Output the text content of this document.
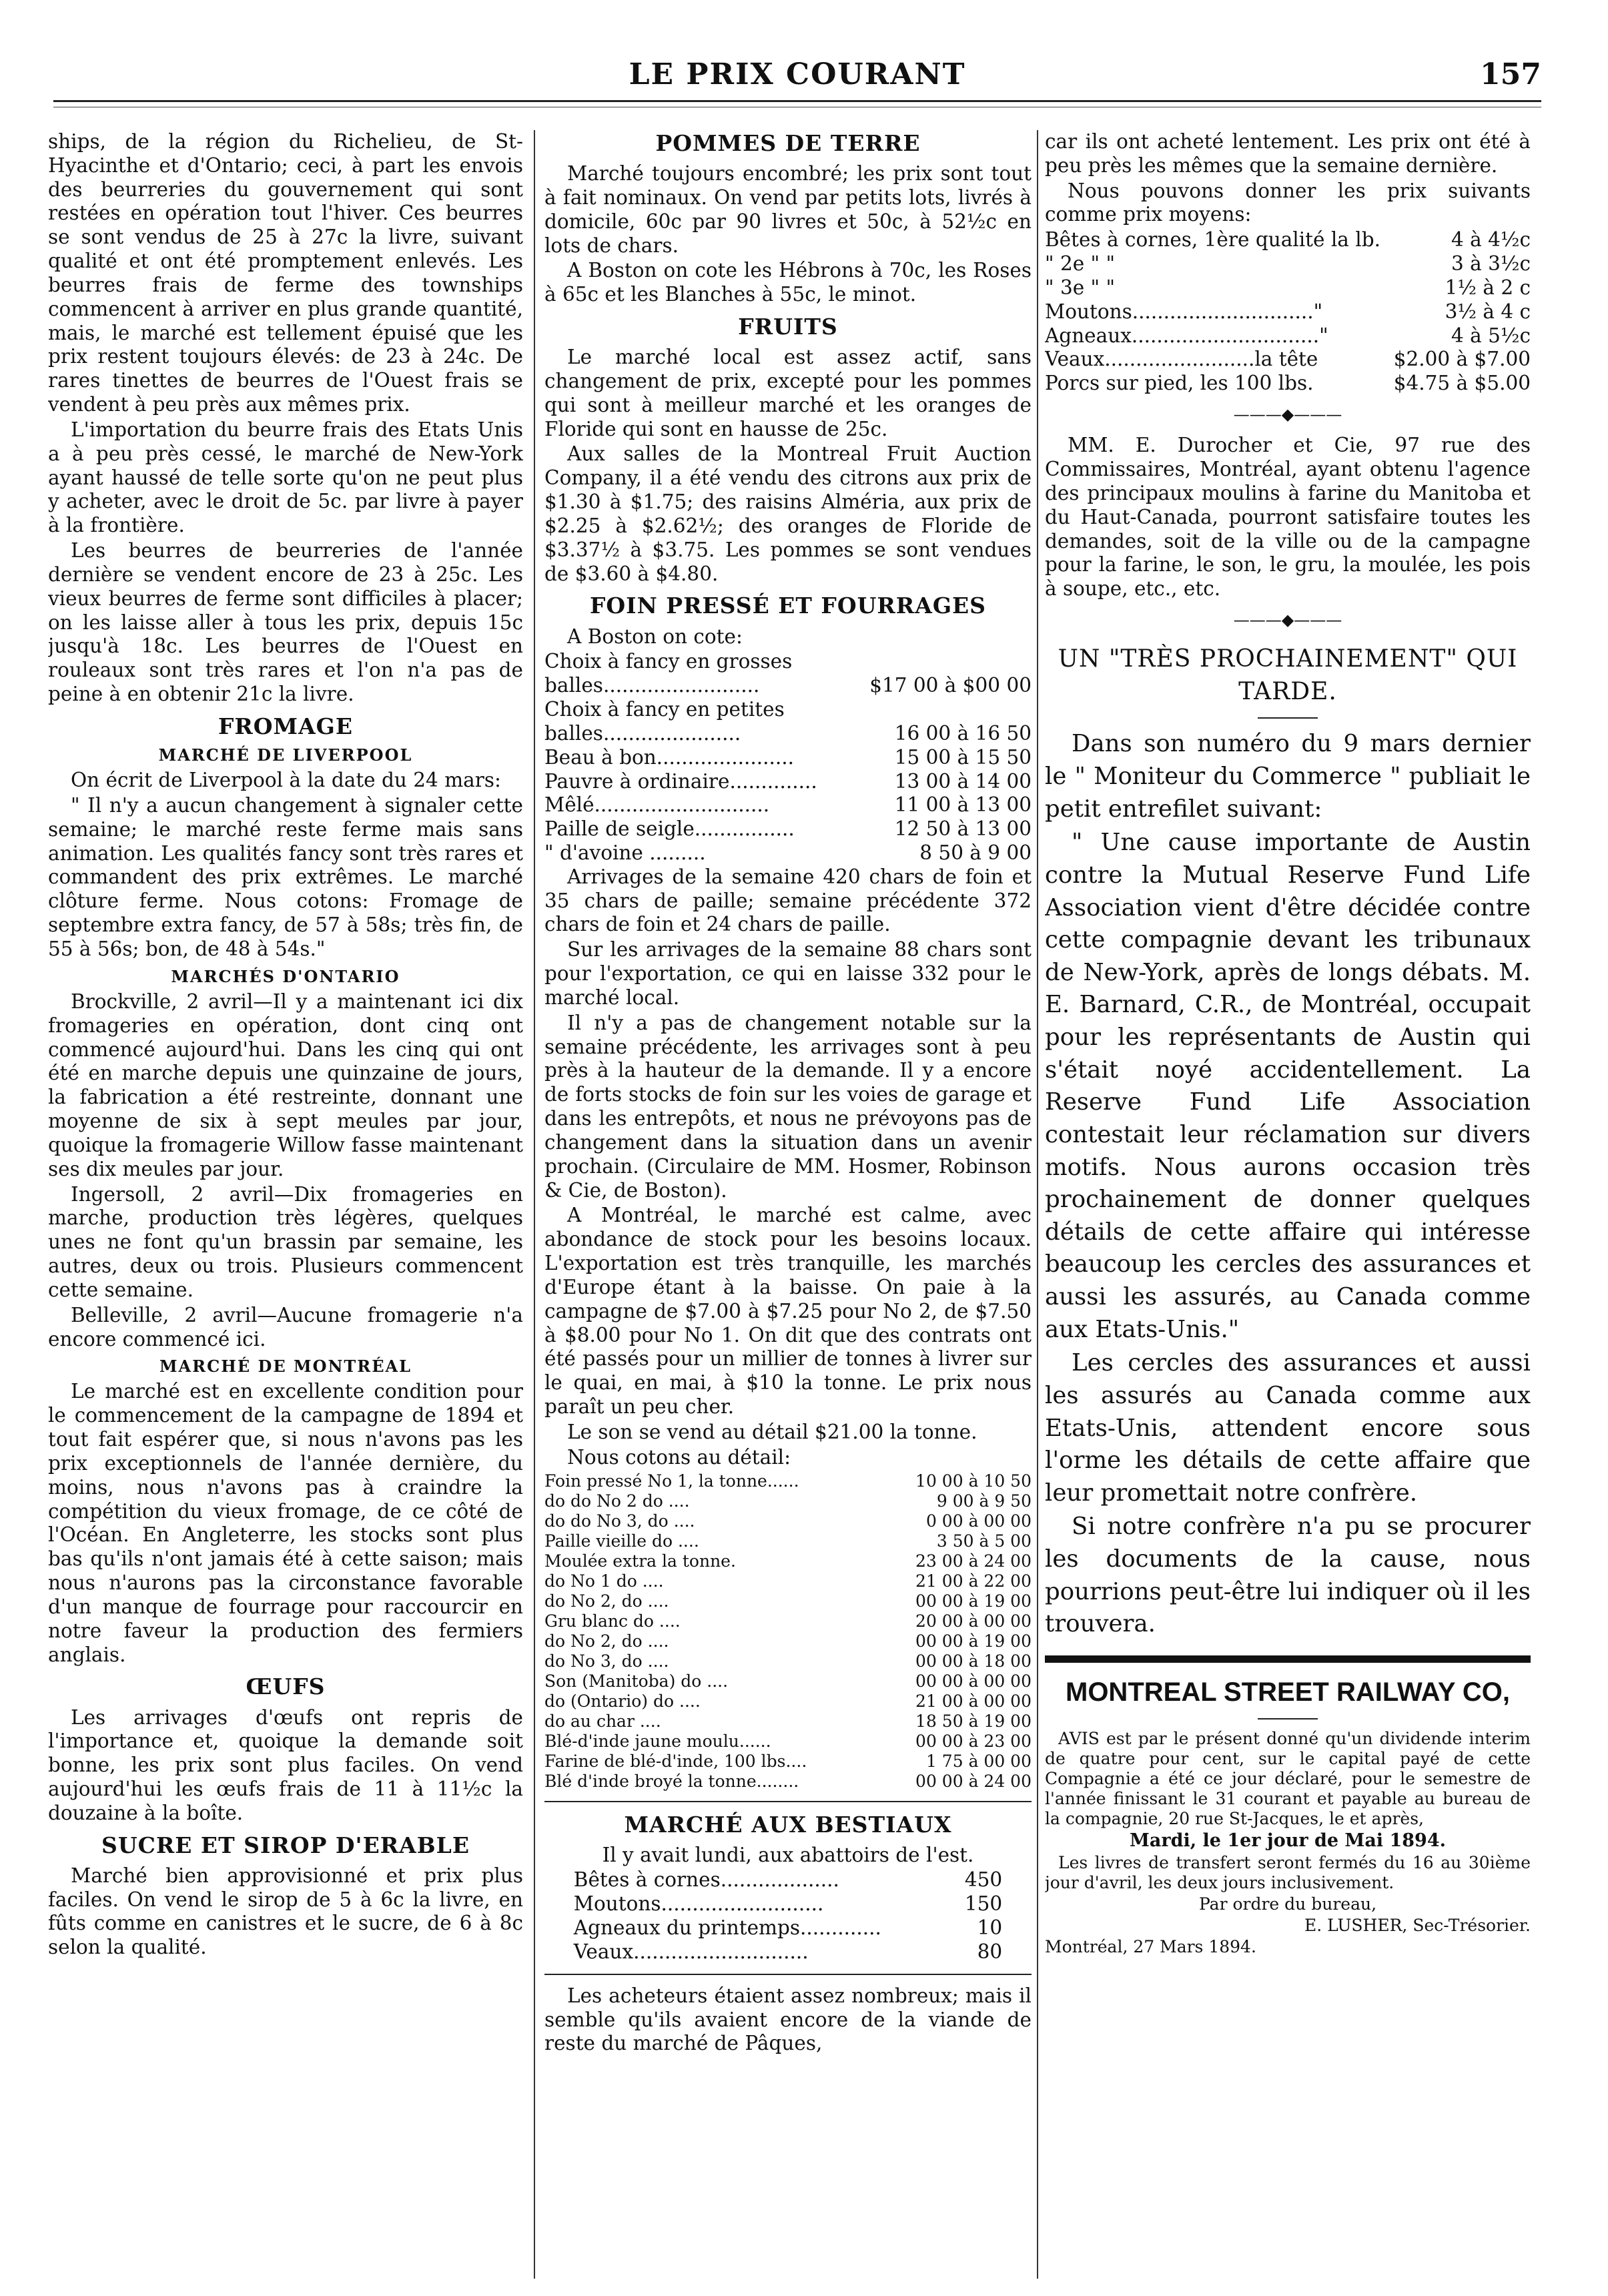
LE PRIX COURANT	157

ships, de la région du Richelieu, de St-Hyacinthe et d'Ontario; ceci, à part les envois des beurreries du gouvernement qui sont restées en opération tout l'hiver. Ces beurres se sont vendus de 25 à 27c la livre, suivant qualité et ont été promptement enlevés. Les beurres frais de ferme des townships commencent à arriver en plus grande quantité, mais, le marché est tellement épuisé que les prix restent toujours élevés: de 23 à 24c. De rares tinettes de beurres de l'Ouest frais se vendent à peu près aux mêmes prix.

L'importation du beurre frais des Etats Unis a à peu près cessé, le marché de New-York ayant haussé de telle sorte qu'on ne peut plus y acheter, avec le droit de 5c. par livre à payer à la frontière.

Les beurres de beurreries de l'année dernière se vendent encore de 23 à 25c. Les vieux beurres de ferme sont difficiles à placer; on les laisse aller à tous les prix, depuis 15c jusqu'à 18c. Les beurres de l'Ouest en rouleaux sont très rares et l'on n'a pas de peine à en obtenir 21c la livre.

FROMAGE
MARCHÉ DE LIVERPOOL

On écrit de Liverpool à la date du 24 mars:

" Il n'y a aucun changement à signaler cette semaine; le marché reste ferme mais sans animation. Les qualités fancy sont très rares et commandent des prix extrêmes. Le marché clôture ferme. Nous cotons: Fromage de septembre extra fancy, de 57 à 58s; très fin, de 55 à 56s; bon, de 48 à 54s."

MARCHÉS D'ONTARIO

Brockville, 2 avril—Il y a maintenant ici dix fromageries en opération, dont cinq ont commencé aujourd'hui. Dans les cinq qui ont été en marche depuis une quinzaine de jours, la fabrication a été restreinte, donnant une moyenne de six à sept meules par jour, quoique la fromagerie Willow fasse maintenant ses dix meules par jour.

Ingersoll, 2 avril—Dix fromageries en marche, production très légères, quelques unes ne font qu'un brassin par semaine, les autres, deux ou trois. Plusieurs commencent cette semaine.

Belleville, 2 avril—Aucune fromagerie n'a encore commencé ici.

MARCHÉ DE MONTRÉAL

Le marché est en excellente condition pour le commencement de la campagne de 1894 et tout fait espérer que, si nous n'avons pas les prix exceptionnels de l'année dernière, du moins, nous n'avons pas à craindre la compétition du vieux fromage, de ce côté de l'Océan. En Angleterre, les stocks sont plus bas qu'ils n'ont jamais été à cette saison; mais nous n'aurons pas la circonstance favorable d'un manque de fourrage pour raccourcir en notre faveur la production des fermiers anglais.

ŒUFS

Les arrivages d'œufs ont repris de l'importance et, quoique la demande soit bonne, les prix sont plus faciles. On vend aujourd'hui les œufs frais de 11 à 11½c la douzaine à la boîte.

SUCRE ET SIROP D'ERABLE

Marché bien approvisionné et prix plus faciles. On vend le sirop de 5 à 6c la livre, en fûts comme en canistres et le sucre, de 6 à 8c selon la qualité.

POMMES DE TERRE

Marché toujours encombré; les prix sont tout à fait nominaux. On vend par petits lots, livrés à domicile, 60c par 90 livres et 50c, à 52½c en lots de chars.

A Boston on cote les Hébrons à 70c, les Roses à 65c et les Blanches à 55c, le minot.

FRUITS

Le marché local est assez actif, sans changement de prix, excepté pour les pommes qui sont à meilleur marché et les oranges de Floride qui sont en hausse de 25c.

Aux salles de la Montreal Fruit Auction Company, il a été vendu des citrons aux prix de $1.30 à $1.75; des raisins Alméria, aux prix de $2.25 à $2.62½; des oranges de Floride de $3.37½ à $3.75. Les pommes se sont vendues de $3.60 à $4.80.

FOIN PRESSÉ ET FOURRAGES

A Boston on cote:

Choix à fancy en grosses	
balles.........................	$17 00 à $00 00
Choix à fancy en petites	
balles......................	16 00 à 16 50
Beau à bon......................	15 00 à 15 50
Pauvre à ordinaire..............	13 00 à 14 00
Mêlé............................	11 00 à 13 00
Paille de seigle................	12 50 à 13 00
" d'avoine .........	8 50 à 9 00

Arrivages de la semaine 420 chars de foin et 35 chars de paille; semaine précédente 372 chars de foin et 24 chars de paille.

Sur les arrivages de la semaine 88 chars sont pour l'exportation, ce qui en laisse 332 pour le marché local.

Il n'y a pas de changement notable sur la semaine précédente, les arrivages sont à peu près à la hauteur de la demande. Il y a encore de forts stocks de foin sur les voies de garage et dans les entrepôts, et nous ne prévoyons pas de changement dans la situation dans un avenir prochain. (Circulaire de MM. Hosmer, Robinson & Cie, de Boston).

A Montréal, le marché est calme, avec abondance de stock pour les besoins locaux. L'exportation est très tranquille, les marchés d'Europe étant à la baisse. On paie à la campagne de $7.00 à $7.25 pour No 2, de $7.50 à $8.00 pour No 1. On dit que des contrats ont été passés pour un millier de tonnes à livrer sur le quai, en mai, à $10 la tonne. Le prix nous paraît un peu cher.

Le son se vend au détail $21.00 la tonne.

Nous cotons au détail:

Foin pressé No 1, la tonne......	10 00 à 10 50
do do No 2 do ....	9 00 à 9 50
do do No 3, do ....	0 00 à 00 00
Paille vieille do ....	3 50 à 5 00
Moulée extra la tonne.	23 00 à 24 00
do No 1 do ....	21 00 à 22 00
do No 2, do ....	00 00 à 19 00
Gru blanc do ....	20 00 à 00 00
do No 2, do ....	00 00 à 19 00
do No 3, do ....	00 00 à 18 00
Son (Manitoba) do ....	00 00 à 00 00
do (Ontario) do ....	21 00 à 00 00
do au char ....	18 50 à 19 00
Blé-d'inde jaune moulu......	00 00 à 23 00
Farine de blé-d'inde, 100 lbs....	1 75 à 00 00
Blé d'inde broyé la tonne........	00 00 à 24 00
MARCHÉ AUX BESTIAUX

Il y avait lundi, aux abattoirs de l'est.

Bêtes à cornes...................	450
Moutons..........................	150
Agneaux du printemps.............	10
Veaux............................	80

Les acheteurs étaient assez nombreux; mais il semble qu'ils avaient encore de la viande de reste du marché de Pâques,

car ils ont acheté lentement. Les prix ont été à peu près les mêmes que la semaine dernière.

Nous pouvons donner les prix suivants comme prix moyens:

Bêtes à cornes, 1ère qualité la lb.	4 à 4½c
" 2e " "	3 à 3½c
" 3e " "	1½ à 2 c
Moutons............................."	3½ à 4 c
Agneaux.............................."	4 à 5½c
Veaux........................la tête	$2.00 à $7.00
Porcs sur pied, les 100 lbs.	$4.75 à $5.00
———◆———

MM. E. Durocher et Cie, 97 rue des Commissaires, Montréal, ayant obtenu l'agence des principaux moulins à farine du Manitoba et du Haut-Canada, pourront satisfaire toutes les demandes, soit de la ville ou de la campagne pour la farine, le son, le gru, la moulée, les pois à soupe, etc., etc.

———◆———
UN "TRÈS PROCHAINEMENT" QUI TARDE.

Dans son numéro du 9 mars dernier le " Moniteur du Commerce " publiait le petit entrefilet suivant:

" Une cause importante de Austin contre la Mutual Reserve Fund Life Association vient d'être décidée contre cette compagnie devant les tribunaux de New-York, après de longs débats. M. E. Barnard, C.R., de Montréal, occupait pour les représentants de Austin qui s'était noyé accidentellement. La Reserve Fund Life Association contestait leur réclamation sur divers motifs. Nous aurons occasion très prochainement de donner quelques détails de cette affaire qui intéresse beaucoup les cercles des assurances et aussi les assurés, au Canada comme aux Etats-Unis."

Les cercles des assurances et aussi les assurés au Canada comme aux Etats-Unis, attendent encore sous l'orme les détails de cette affaire que leur promettait notre confrère.

Si notre confrère n'a pu se procurer les documents de la cause, nous pourrions peut-être lui indiquer où il les trouvera.

MONTREAL STREET RAILWAY CO,

AVIS est par le présent donné qu'un dividende interim de quatre pour cent, sur le capital payé de cette Compagnie a été ce jour déclaré, pour le semestre de l'année finissant le 31 courant et payable au bureau de la compagnie, 20 rue St-Jacques, le et après,

Mardi, le 1er jour de Mai 1894.

Les livres de transfert seront fermés du 16 au 30ième jour d'avril, les deux jours inclusivement.

Par ordre du bureau,

E. LUSHER, Sec-Trésorier.

Montréal, 27 Mars 1894.
